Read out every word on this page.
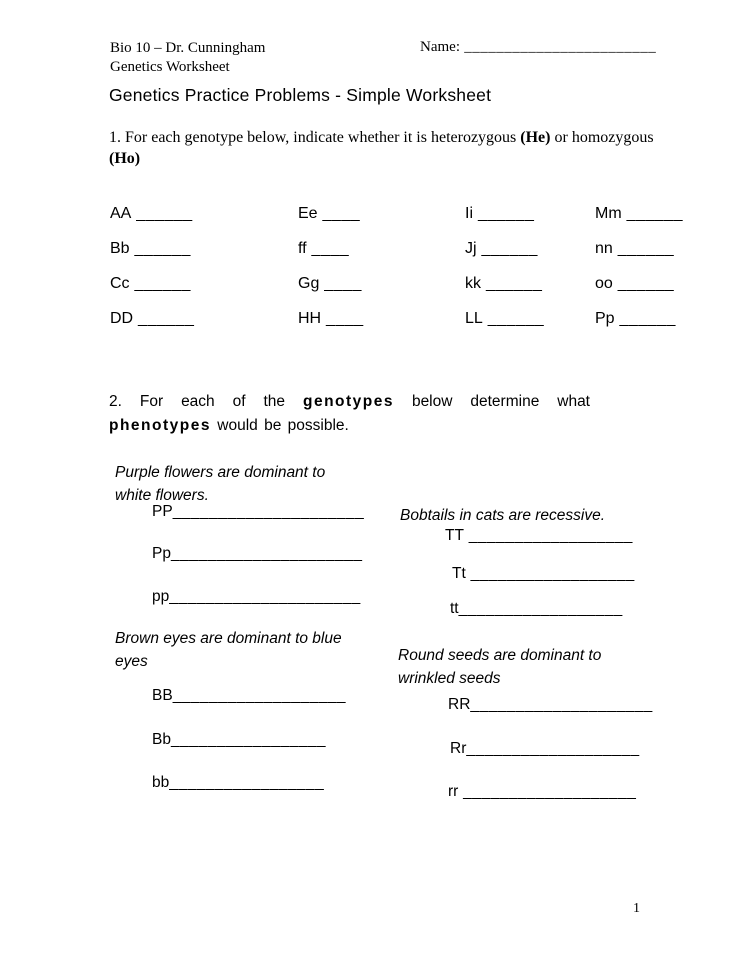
Bio 10 – Dr. Cunningham
Genetics Worksheet
Name: ________________________
Genetics Practice Problems - Simple Worksheet
1. For each genotype below, indicate whether it is heterozygous (He) or homozygous (Ho)
AA ______	Ee ____	Ii ______	Mm ______
Bb ______	ff ____	Jj ______	nn ______
Cc ______	Gg ____	kk ______	oo ______
DD ______	HH ____	LL ______	Pp ______
2. For each of the genotypes below determine what phenotypes would be possible.
Purple flowers are dominant to white flowers.
PP_____________________
Pp_____________________
pp_____________________
Bobtails in cats are recessive.
TT __________________
Tt __________________
tt__________________
Brown eyes are dominant to blue eyes
BB___________________
Bb_________________
bb_________________
Round seeds are dominant to wrinkled seeds
RR____________________
Rr___________________
rr ___________________
1
